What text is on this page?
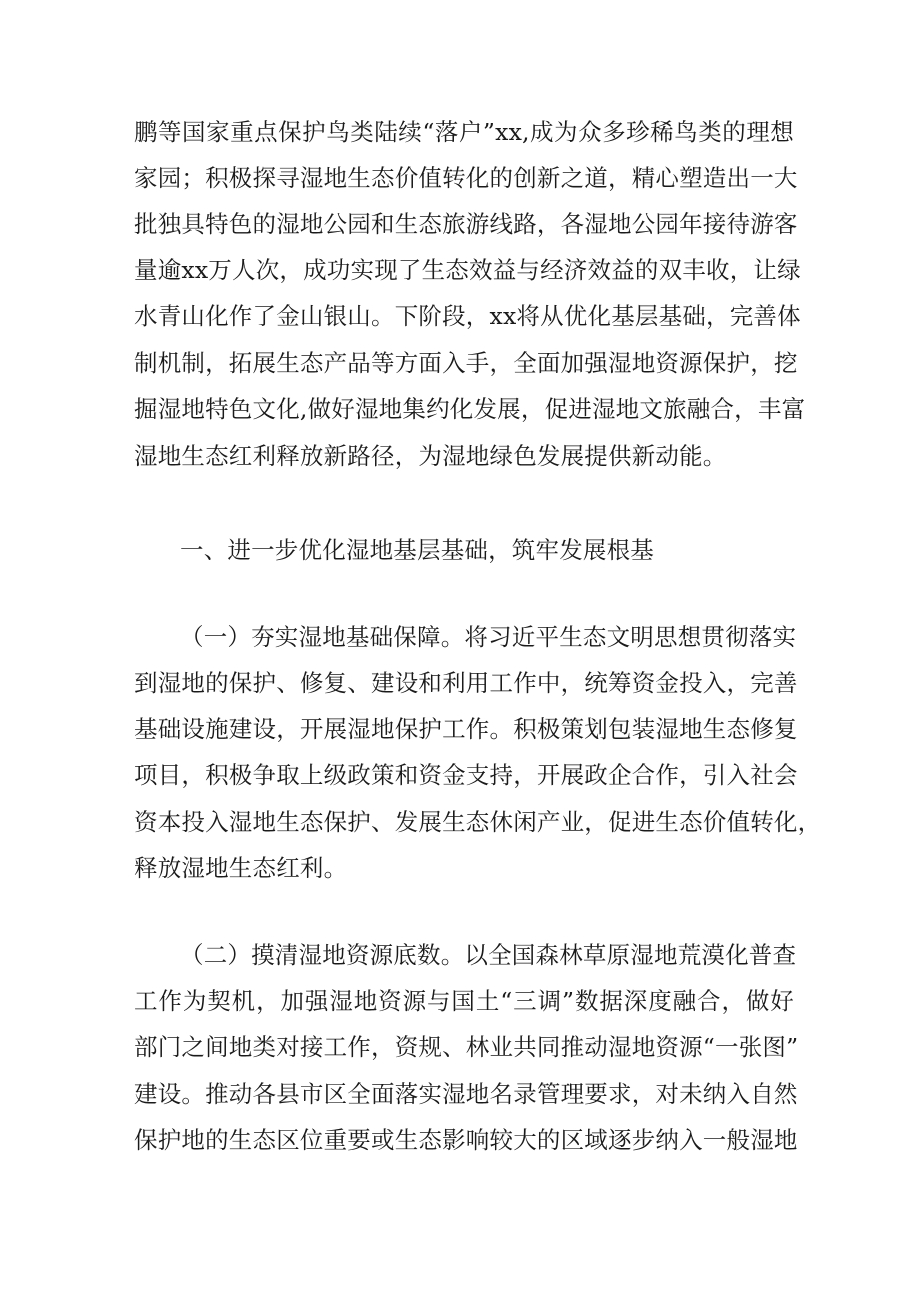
鹏等国家重点保护鸟类陆续“落户”xx,成为众多珍稀鸟类的理想
家园；积极探寻湿地生态价值转化的创新之道，精心塑造出一大
批独具特色的湿地公园和生态旅游线路，各湿地公园年接待游客
量逾xx万人次，成功实现了生态效益与经济效益的双丰收，让绿
水青山化作了金山银山。下阶段，xx将从优化基层基础，完善体
制机制，拓展生态产品等方面入手，全面加强湿地资源保护，挖
掘湿地特色文化,做好湿地集约化发展，促进湿地文旅融合，丰富
湿地生态红利释放新路径，为湿地绿色发展提供新动能。
一、进一步优化湿地基层基础，筑牢发展根基
（一）夯实湿地基础保障。将习近平生态文明思想贯彻落实
到湿地的保护、修复、建设和利用工作中，统筹资金投入，完善
基础设施建设，开展湿地保护工作。积极策划包装湿地生态修复
项目，积极争取上级政策和资金支持，开展政企合作，引入社会
资本投入湿地生态保护、发展生态休闲产业，促进生态价值转化，
释放湿地生态红利。
（二）摸清湿地资源底数。以全国森林草原湿地荒漠化普查
工作为契机，加强湿地资源与国土“三调”数据深度融合，做好
部门之间地类对接工作，资规、林业共同推动湿地资源“一张图”
建设。推动各县市区全面落实湿地名录管理要求，对未纳入自然
保护地的生态区位重要或生态影响较大的区域逐步纳入一般湿地
